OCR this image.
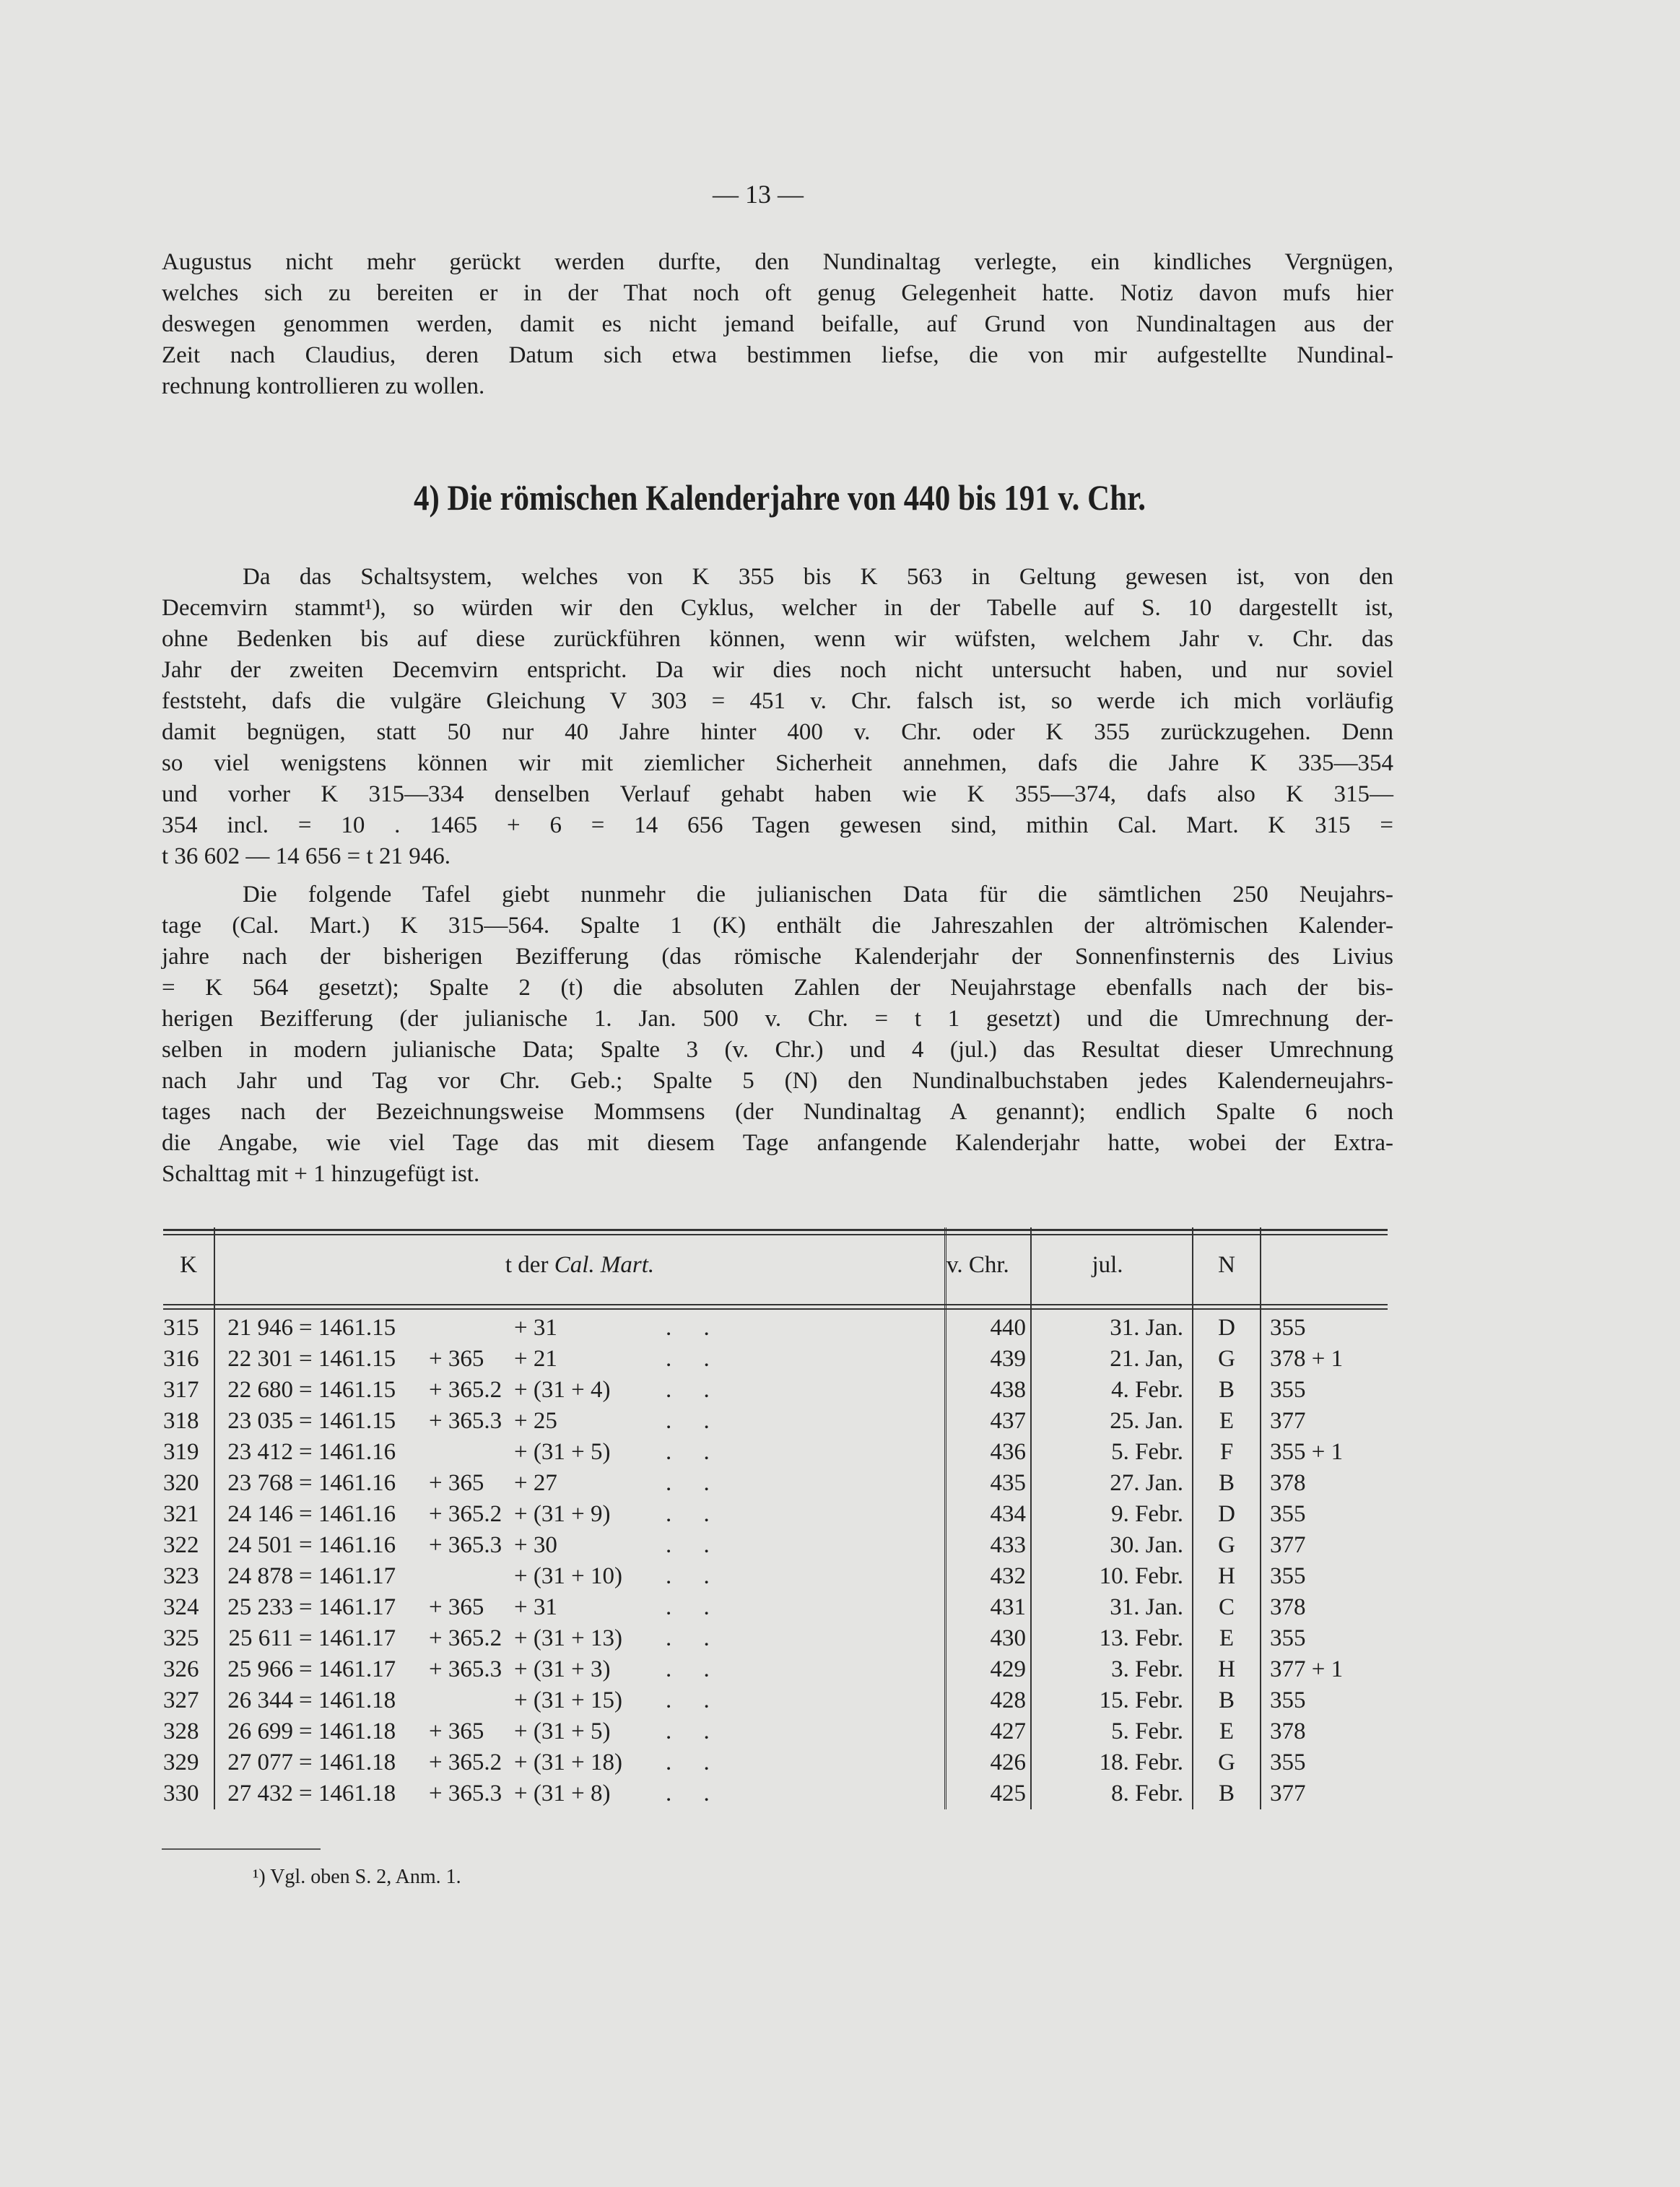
— 13 —
Augustus nicht mehr gerückt werden durfte, den Nundinaltag verlegte, ein kindliches Vergnügen,
welches sich zu bereiten er in der That noch oft genug Gelegenheit hatte. Notiz davon mufs hier
deswegen genommen werden, damit es nicht jemand beifalle, auf Grund von Nundinaltagen aus der
Zeit nach Claudius, deren Datum sich etwa bestimmen liefse, die von mir aufgestellte Nundinal-
rechnung kontrollieren zu wollen.
4) Die römischen Kalenderjahre von 440 bis 191 v. Chr.
Da das Schaltsystem, welches von K 355 bis K 563 in Geltung gewesen ist, von den
Decemvirn stammt¹), so würden wir den Cyklus, welcher in der Tabelle auf S. 10 dargestellt ist,
ohne Bedenken bis auf diese zurückführen können, wenn wir wüfsten, welchem Jahr v. Chr. das
Jahr der zweiten Decemvirn entspricht. Da wir dies noch nicht untersucht haben, und nur soviel
feststeht, dafs die vulgäre Gleichung V 303 = 451 v. Chr. falsch ist, so werde ich mich vorläufig
damit begnügen, statt 50 nur 40 Jahre hinter 400 v. Chr. oder K 355 zurückzugehen. Denn
so viel wenigstens können wir mit ziemlicher Sicherheit annehmen, dafs die Jahre K 335—354
und vorher K 315—334 denselben Verlauf gehabt haben wie K 355—374, dafs also K 315—
354 incl. = 10 . 1465 + 6 = 14 656 Tagen gewesen sind, mithin Cal. Mart. K 315 =
t 36 602 — 14 656 = t 21 946.
Die folgende Tafel giebt nunmehr die julianischen Data für die sämtlichen 250 Neujahrs-
tage (Cal. Mart.) K 315—564. Spalte 1 (K) enthält die Jahreszahlen der altrömischen Kalender-
jahre nach der bisherigen Bezifferung (das römische Kalenderjahr der Sonnenfinsternis des Livius
= K 564 gesetzt); Spalte 2 (t) die absoluten Zahlen der Neujahrstage ebenfalls nach der bis-
herigen Bezifferung (der julianische 1. Jan. 500 v. Chr. = t 1 gesetzt) und die Umrechnung der-
selben in modern julianische Data; Spalte 3 (v. Chr.) und 4 (jul.) das Resultat dieser Umrechnung
nach Jahr und Tag vor Chr. Geb.; Spalte 5 (N) den Nundinalbuchstaben jedes Kalenderneujahrs-
tages nach der Bezeichnungsweise Mommsens (der Nundinaltag A genannt); endlich Spalte 6 noch
die Angabe, wie viel Tage das mit diesem Tage anfangende Kalenderjahr hatte, wobei der Extra-
Schalttag mit + 1 hinzugefügt ist.
K	t der Cal. Mart.	v. Chr.	jul.	N	

315	21 946 = 1461.15 + 31 . .	440	31. Jan.	D	355
316	22 301 = 1461.15 + 365 + 21 . .	439	21. Jan,	G	378 + 1
317	22 680 = 1461.15 + 365.2 + (31 + 4) . .	438	4. Febr.	B	355
318	23 035 = 1461.15 + 365.3 + 25 . .	437	25. Jan.	E	377
319	23 412 = 1461.16 + (31 + 5) . .	436	5. Febr.	F	355 + 1
320	23 768 = 1461.16 + 365 + 27 . .	435	27. Jan.	B	378
321	24 146 = 1461.16 + 365.2 + (31 + 9) . .	434	9. Febr.	D	355
322	24 501 = 1461.16 + 365.3 + 30 . .	433	30. Jan.	G	377
323	24 878 = 1461.17 + (31 + 10) . .	432	10. Febr.	H	355
324	25 233 = 1461.17 + 365 + 31 . .	431	31. Jan.	C	378
325	25 611 = 1461.17 + 365.2 + (31 + 13) . .	430	13. Febr.	E	355
326	25 966 = 1461.17 + 365.3 + (31 + 3) . .	429	3. Febr.	H	377 + 1
327	26 344 = 1461.18 + (31 + 15) . .	428	15. Febr.	B	355
328	26 699 = 1461.18 + 365 + (31 + 5) . .	427	5. Febr.	E	378
329	27 077 = 1461.18 + 365.2 + (31 + 18) . .	426	18. Febr.	G	355
330	27 432 = 1461.18 + 365.3 + (31 + 8) . .	425	8. Febr.	B	377
¹) Vgl. oben S. 2, Anm. 1.
